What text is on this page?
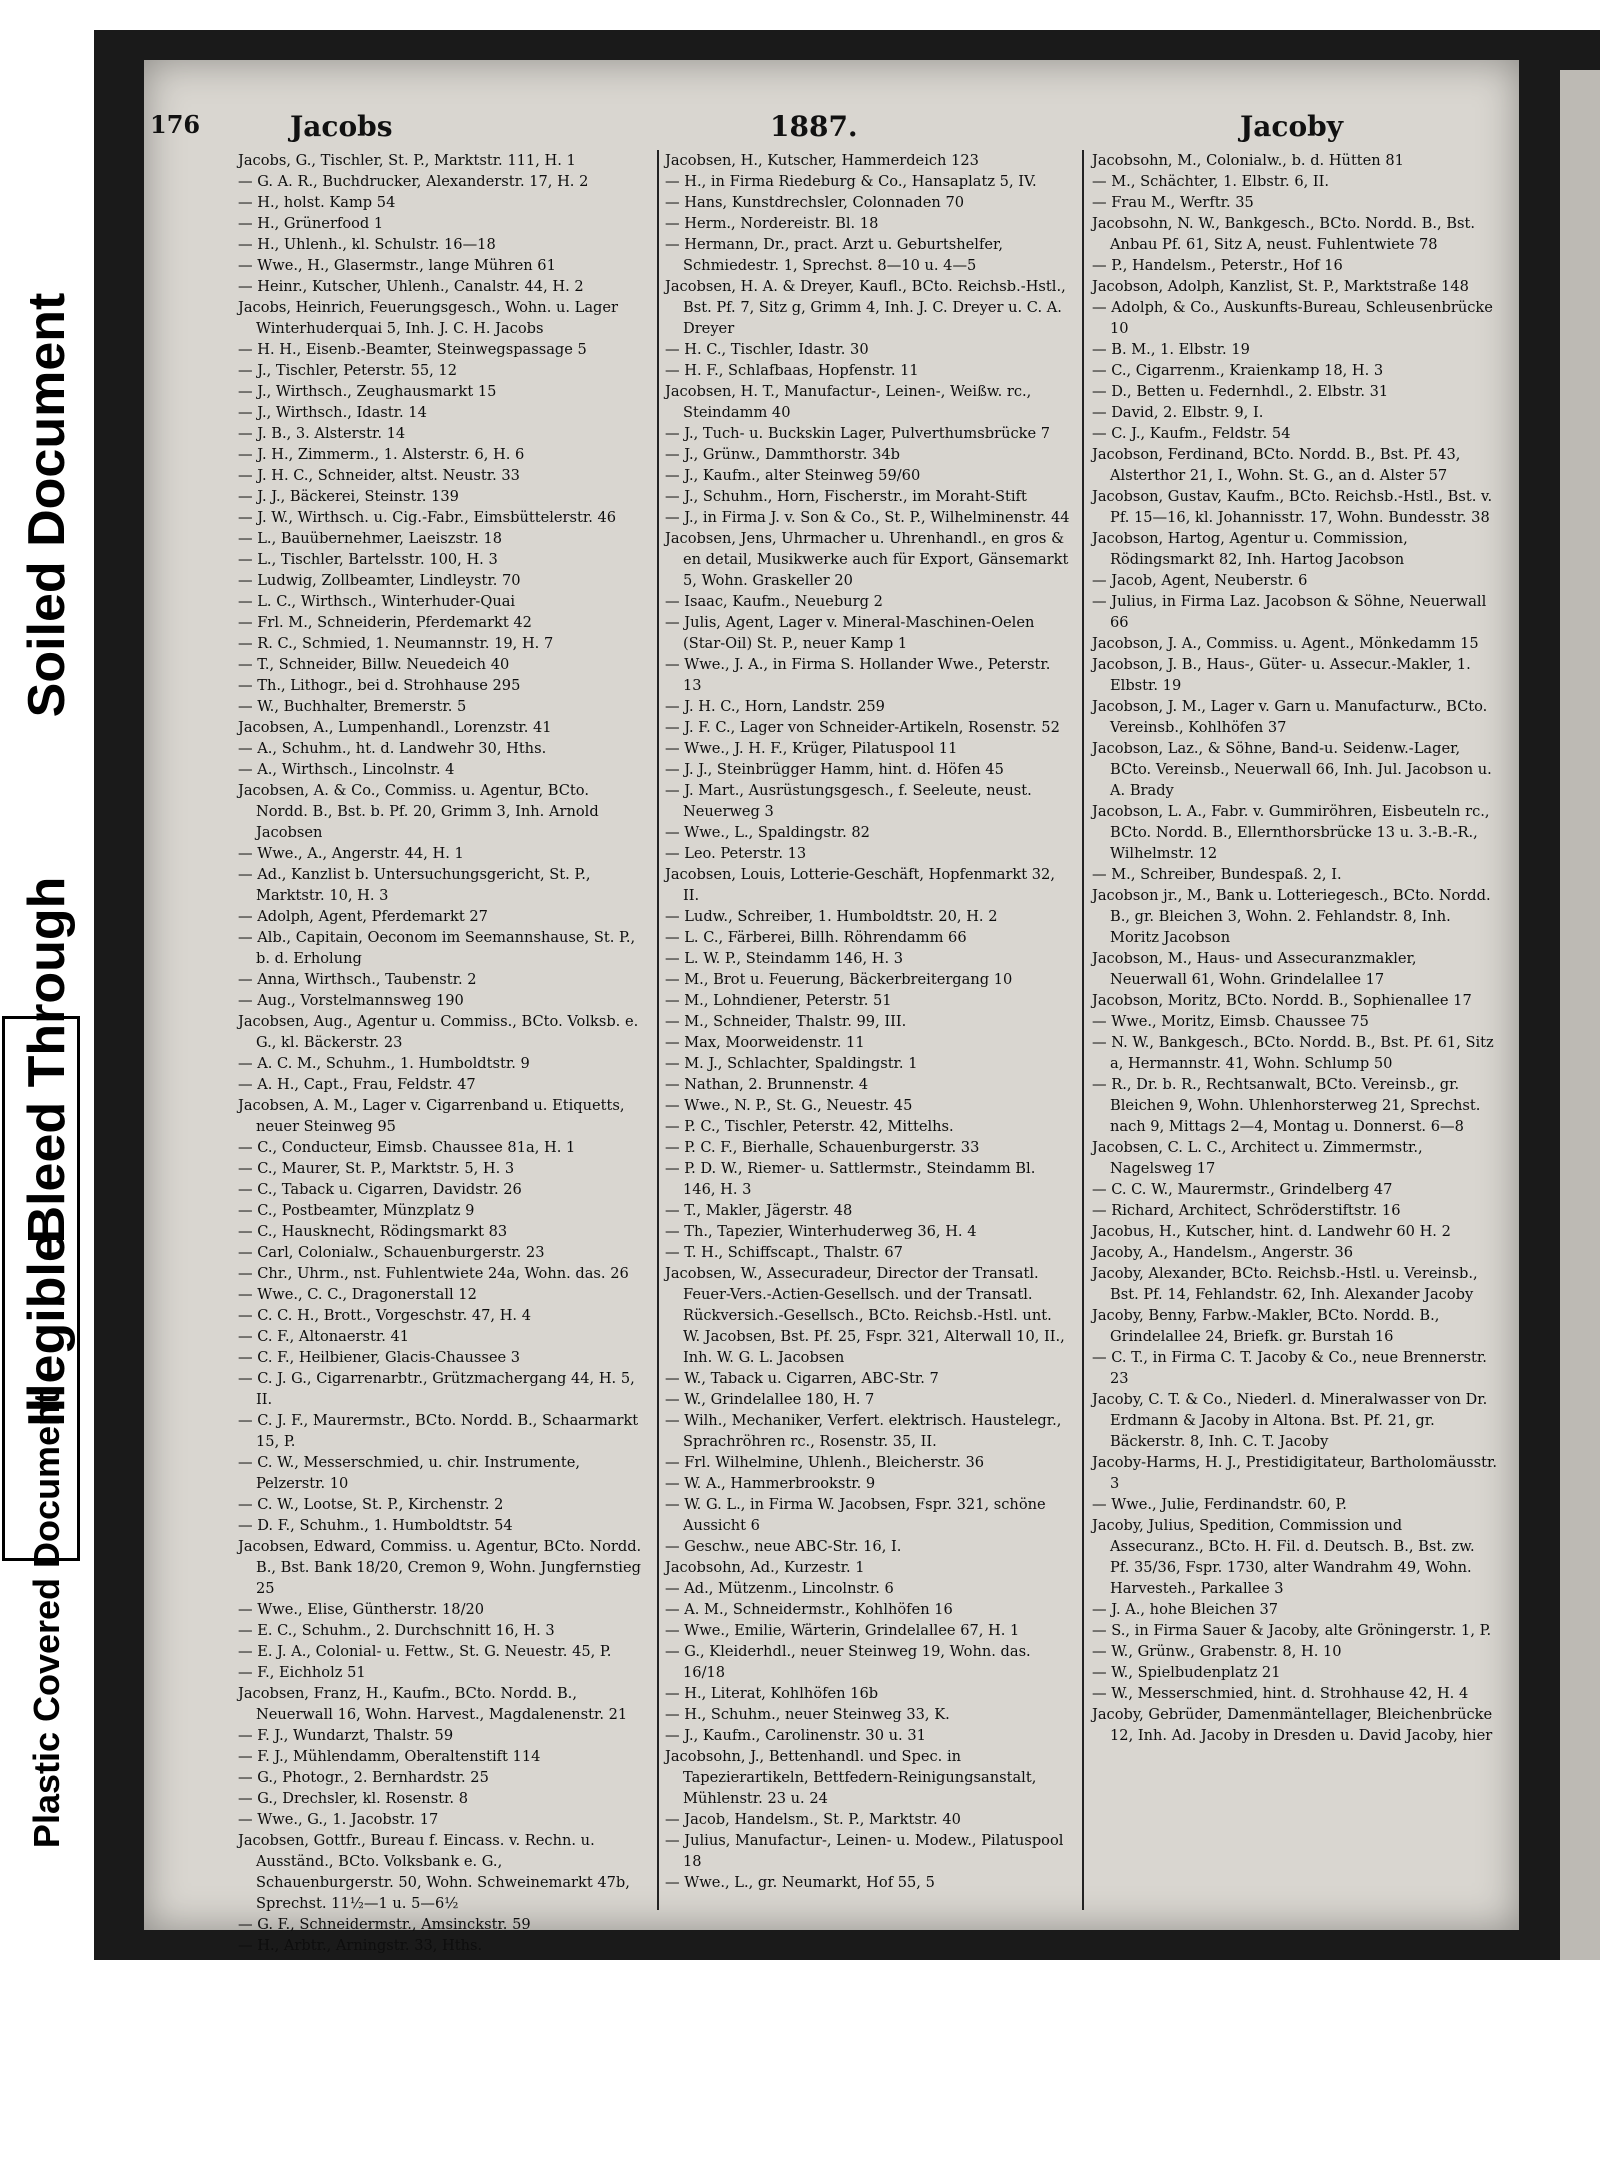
Illegible
Plastic Covered Document
Bleed Through
Soiled Document
176	Jacobs	1887.	Jacoby

Jacobs, G., Tischler, St. P., Marktstr. 111, H. 1

— G. A. R., Buchdrucker, Alexanderstr. 17, H. 2

— H., holst. Kamp 54

— H., Grünerfood 1

— H., Uhlenh., kl. Schulstr. 16—18

— Wwe., H., Glasermstr., lange Mühren 61

— Heinr., Kutscher, Uhlenh., Canalstr. 44, H. 2

Jacobs, Heinrich, Feuerungsgesch., Wohn. u. Lager Winterhuderquai 5, Inh. J. C. H. Jacobs

— H. H., Eisenb.-Beamter, Steinwegspassage 5

— J., Tischler, Peterstr. 55, 12

— J., Wirthsch., Zeughausmarkt 15

— J., Wirthsch., Idastr. 14

— J. B., 3. Alsterstr. 14

— J. H., Zimmerm., 1. Alsterstr. 6, H. 6

— J. H. C., Schneider, altst. Neustr. 33

— J. J., Bäckerei, Steinstr. 139

— J. W., Wirthsch. u. Cig.-Fabr., Eimsbüttelerstr. 46

— L., Bauübernehmer, Laeiszstr. 18

— L., Tischler, Bartelsstr. 100, H. 3

— Ludwig, Zollbeamter, Lindleystr. 70

— L. C., Wirthsch., Winterhuder-Quai

— Frl. M., Schneiderin, Pferdemarkt 42

— R. C., Schmied, 1. Neumannstr. 19, H. 7

— T., Schneider, Billw. Neuedeich 40

— Th., Lithogr., bei d. Strohhause 295

— W., Buchhalter, Bremerstr. 5

Jacobsen, A., Lumpenhandl., Lorenzstr. 41

— A., Schuhm., ht. d. Landwehr 30, Hths.

— A., Wirthsch., Lincolnstr. 4

Jacobsen, A. & Co., Commiss. u. Agentur, BCto. Nordd. B., Bst. b. Pf. 20, Grimm 3, Inh. Arnold Jacobsen

— Wwe., A., Angerstr. 44, H. 1

— Ad., Kanzlist b. Untersuchungsgericht, St. P., Marktstr. 10, H. 3

— Adolph, Agent, Pferdemarkt 27

— Alb., Capitain, Oeconom im Seemannshause, St. P., b. d. Erholung

— Anna, Wirthsch., Taubenstr. 2

— Aug., Vorstelmannsweg 190

Jacobsen, Aug., Agentur u. Commiss., BCto. Volksb. e. G., kl. Bäckerstr. 23

— A. C. M., Schuhm., 1. Humboldtstr. 9

— A. H., Capt., Frau, Feldstr. 47

Jacobsen, A. M., Lager v. Cigarrenband u. Etiquetts, neuer Steinweg 95

— C., Conducteur, Eimsb. Chaussee 81a, H. 1

— C., Maurer, St. P., Marktstr. 5, H. 3

— C., Taback u. Cigarren, Davidstr. 26

— C., Postbeamter, Münzplatz 9

— C., Hausknecht, Rödingsmarkt 83

— Carl, Colonialw., Schauenburgerstr. 23

— Chr., Uhrm., nst. Fuhlentwiete 24a, Wohn. das. 26

— Wwe., C. C., Dragonerstall 12

— C. C. H., Brott., Vorgeschstr. 47, H. 4

— C. F., Altonaerstr. 41

— C. F., Heilbiener, Glacis-Chaussee 3

— C. J. G., Cigarrenarbtr., Grützmachergang 44, H. 5, II.

— C. J. F., Maurermstr., BCto. Nordd. B., Schaarmarkt 15, P.

— C. W., Messerschmied, u. chir. Instrumente, Pelzerstr. 10

— C. W., Lootse, St. P., Kirchenstr. 2

— D. F., Schuhm., 1. Humboldtstr. 54

Jacobsen, Edward, Commiss. u. Agentur, BCto. Nordd. B., Bst. Bank 18/20, Cremon 9, Wohn. Jungfernstieg 25

— Wwe., Elise, Güntherstr. 18/20

— E. C., Schuhm., 2. Durchschnitt 16, H. 3

— E. J. A., Colonial- u. Fettw., St. G. Neuestr. 45, P.

— F., Eichholz 51

Jacobsen, Franz, H., Kaufm., BCto. Nordd. B., Neuerwall 16, Wohn. Harvest., Magdalenenstr. 21

— F. J., Wundarzt, Thalstr. 59

— F. J., Mühlendamm, Oberaltenstift 114

— G., Photogr., 2. Bernhardstr. 25

— G., Drechsler, kl. Rosenstr. 8

— Wwe., G., 1. Jacobstr. 17

Jacobsen, Gottfr., Bureau f. Eincass. v. Rechn. u. Ausständ., BCto. Volksbank e. G., Schauenburgerstr. 50, Wohn. Schweinemarkt 47b, Sprechst. 11½—1 u. 5—6½

— G. F., Schneidermstr., Amsinckstr. 59

— H., Arbtr., Arningstr. 33, Hths.

Jacobsen, H., Kutscher, Hammerdeich 123

— H., in Firma Riedeburg & Co., Hansaplatz 5, IV.

— Hans, Kunstdrechsler, Colonnaden 70

— Herm., Nordereistr. Bl. 18

— Hermann, Dr., pract. Arzt u. Geburtshelfer, Schmiedestr. 1, Sprechst. 8—10 u. 4—5

Jacobsen, H. A. & Dreyer, Kaufl., BCto. Reichsb.-Hstl., Bst. Pf. 7, Sitz g, Grimm 4, Inh. J. C. Dreyer u. C. A. Dreyer

— H. C., Tischler, Idastr. 30

— H. F., Schlafbaas, Hopfenstr. 11

Jacobsen, H. T., Manufactur-, Leinen-, Weißw. rc., Steindamm 40

— J., Tuch- u. Buckskin Lager, Pulverthumsbrücke 7

— J., Grünw., Dammthorstr. 34b

— J., Kaufm., alter Steinweg 59/60

— J., Schuhm., Horn, Fischerstr., im Moraht-Stift

— J., in Firma J. v. Son & Co., St. P., Wilhelminenstr. 44

Jacobsen, Jens, Uhrmacher u. Uhrenhandl., en gros & en detail, Musikwerke auch für Export, Gänsemarkt 5, Wohn. Graskeller 20

— Isaac, Kaufm., Neueburg 2

— Julis, Agent, Lager v. Mineral-Maschinen-Oelen (Star-Oil) St. P., neuer Kamp 1

— Wwe., J. A., in Firma S. Hollander Wwe., Peterstr. 13

— J. H. C., Horn, Landstr. 259

— J. F. C., Lager von Schneider-Artikeln, Rosenstr. 52

— Wwe., J. H. F., Krüger, Pilatuspool 11

— J. J., Steinbrügger Hamm, hint. d. Höfen 45

— J. Mart., Ausrüstungsgesch., f. Seeleute, neust. Neuerweg 3

— Wwe., L., Spaldingstr. 82

— Leo. Peterstr. 13

Jacobsen, Louis, Lotterie-Geschäft, Hopfenmarkt 32, II.

— Ludw., Schreiber, 1. Humboldtstr. 20, H. 2

— L. C., Färberei, Billh. Röhrendamm 66

— L. W. P., Steindamm 146, H. 3

— M., Brot u. Feuerung, Bäckerbreitergang 10

— M., Lohndiener, Peterstr. 51

— M., Schneider, Thalstr. 99, III.

— Max, Moorweidenstr. 11

— M. J., Schlachter, Spaldingstr. 1

— Nathan, 2. Brunnenstr. 4

— Wwe., N. P., St. G., Neuestr. 45

— P. C., Tischler, Peterstr. 42, Mittelhs.

— P. C. F., Bierhalle, Schauenburgerstr. 33

— P. D. W., Riemer- u. Sattlermstr., Steindamm Bl. 146, H. 3

— T., Makler, Jägerstr. 48

— Th., Tapezier, Winterhuderweg 36, H. 4

— T. H., Schiffscapt., Thalstr. 67

Jacobsen, W., Assecuradeur, Director der Transatl. Feuer-Vers.-Actien-Gesellsch. und der Transatl. Rückversich.-Gesellsch., BCto. Reichsb.-Hstl. unt. W. Jacobsen, Bst. Pf. 25, Fspr. 321, Alterwall 10, II., Inh. W. G. L. Jacobsen

— W., Taback u. Cigarren, ABC-Str. 7

— W., Grindelallee 180, H. 7

— Wilh., Mechaniker, Verfert. elektrisch. Haustelegr., Sprachröhren rc., Rosenstr. 35, II.

— Frl. Wilhelmine, Uhlenh., Bleicherstr. 36

— W. A., Hammerbrookstr. 9

— W. G. L., in Firma W. Jacobsen, Fspr. 321, schöne Aussicht 6

— Geschw., neue ABC-Str. 16, I.

Jacobsohn, Ad., Kurzestr. 1

— Ad., Mützenm., Lincolnstr. 6

— A. M., Schneidermstr., Kohlhöfen 16

— Wwe., Emilie, Wärterin, Grindelallee 67, H. 1

— G., Kleiderhdl., neuer Steinweg 19, Wohn. das. 16/18

— H., Literat, Kohlhöfen 16b

— H., Schuhm., neuer Steinweg 33, K.

— J., Kaufm., Carolinenstr. 30 u. 31

Jacobsohn, J., Bettenhandl. und Spec. in Tapezierartikeln, Bettfedern-Reinigungsanstalt, Mühlenstr. 23 u. 24

— Jacob, Handelsm., St. P., Marktstr. 40

— Julius, Manufactur-, Leinen- u. Modew., Pilatuspool 18

— Wwe., L., gr. Neumarkt, Hof 55, 5

Jacobsohn, M., Colonialw., b. d. Hütten 81

— M., Schächter, 1. Elbstr. 6, II.

— Frau M., Werftr. 35

Jacobsohn, N. W., Bankgesch., BCto. Nordd. B., Bst. Anbau Pf. 61, Sitz A, neust. Fuhlentwiete 78

— P., Handelsm., Peterstr., Hof 16

Jacobson, Adolph, Kanzlist, St. P., Marktstraße 148

— Adolph, & Co., Auskunfts-Bureau, Schleusenbrücke 10

— B. M., 1. Elbstr. 19

— C., Cigarrenm., Kraienkamp 18, H. 3

— D., Betten u. Federnhdl., 2. Elbstr. 31

— David, 2. Elbstr. 9, I.

— C. J., Kaufm., Feldstr. 54

Jacobson, Ferdinand, BCto. Nordd. B., Bst. Pf. 43, Alsterthor 21, I., Wohn. St. G., an d. Alster 57

Jacobson, Gustav, Kaufm., BCto. Reichsb.-Hstl., Bst. v. Pf. 15—16, kl. Johannisstr. 17, Wohn. Bundesstr. 38

Jacobson, Hartog, Agentur u. Commission, Rödingsmarkt 82, Inh. Hartog Jacobson

— Jacob, Agent, Neuberstr. 6

— Julius, in Firma Laz. Jacobson & Söhne, Neuerwall 66

Jacobson, J. A., Commiss. u. Agent., Mönkedamm 15

Jacobson, J. B., Haus-, Güter- u. Assecur.-Makler, 1. Elbstr. 19

Jacobson, J. M., Lager v. Garn u. Manufacturw., BCto. Vereinsb., Kohlhöfen 37

Jacobson, Laz., & Söhne, Band-u. Seidenw.-Lager, BCto. Vereinsb., Neuerwall 66, Inh. Jul. Jacobson u. A. Brady

Jacobson, L. A., Fabr. v. Gummiröhren, Eisbeuteln rc., BCto. Nordd. B., Ellernthorsbrücke 13 u. 3.-B.-R., Wilhelmstr. 12

— M., Schreiber, Bundespaß. 2, I.

Jacobson jr., M., Bank u. Lotteriegesch., BCto. Nordd. B., gr. Bleichen 3, Wohn. 2. Fehlandstr. 8, Inh. Moritz Jacobson

Jacobson, M., Haus- und Assecuranzmakler, Neuerwall 61, Wohn. Grindelallee 17

Jacobson, Moritz, BCto. Nordd. B., Sophienallee 17

— Wwe., Moritz, Eimsb. Chaussee 75

— N. W., Bankgesch., BCto. Nordd. B., Bst. Pf. 61, Sitz a, Hermannstr. 41, Wohn. Schlump 50

— R., Dr. b. R., Rechtsanwalt, BCto. Vereinsb., gr. Bleichen 9, Wohn. Uhlenhorsterweg 21, Sprechst. nach 9, Mittags 2—4, Montag u. Donnerst. 6—8

Jacobsen, C. L. C., Architect u. Zimmermstr., Nagelsweg 17

— C. C. W., Maurermstr., Grindelberg 47

— Richard, Architect, Schröderstiftstr. 16

Jacobus, H., Kutscher, hint. d. Landwehr 60 H. 2

Jacoby, A., Handelsm., Angerstr. 36

Jacoby, Alexander, BCto. Reichsb.-Hstl. u. Vereinsb., Bst. Pf. 14, Fehlandstr. 62, Inh. Alexander Jacoby

Jacoby, Benny, Farbw.-Makler, BCto. Nordd. B., Grindelallee 24, Briefk. gr. Burstah 16

— C. T., in Firma C. T. Jacoby & Co., neue Brennerstr. 23

Jacoby, C. T. & Co., Niederl. d. Mineralwasser von Dr. Erdmann & Jacoby in Altona. Bst. Pf. 21, gr. Bäckerstr. 8, Inh. C. T. Jacoby

Jacoby-Harms, H. J., Prestidigitateur, Bartholomäusstr. 3

— Wwe., Julie, Ferdinandstr. 60, P.

Jacoby, Julius, Spedition, Commission und Assecuranz., BCto. H. Fil. d. Deutsch. B., Bst. zw. Pf. 35/36, Fspr. 1730, alter Wandrahm 49, Wohn. Harvesteh., Parkallee 3

— J. A., hohe Bleichen 37

— S., in Firma Sauer & Jacoby, alte Gröningerstr. 1, P.

— W., Grünw., Grabenstr. 8, H. 10

— W., Spielbudenplatz 21

— W., Messerschmied, hint. d. Strohhause 42, H. 4

Jacoby, Gebrüder, Damenmäntellager, Bleichenbrücke 12, Inh. Ad. Jacoby in Dresden u. David Jacoby, hier
